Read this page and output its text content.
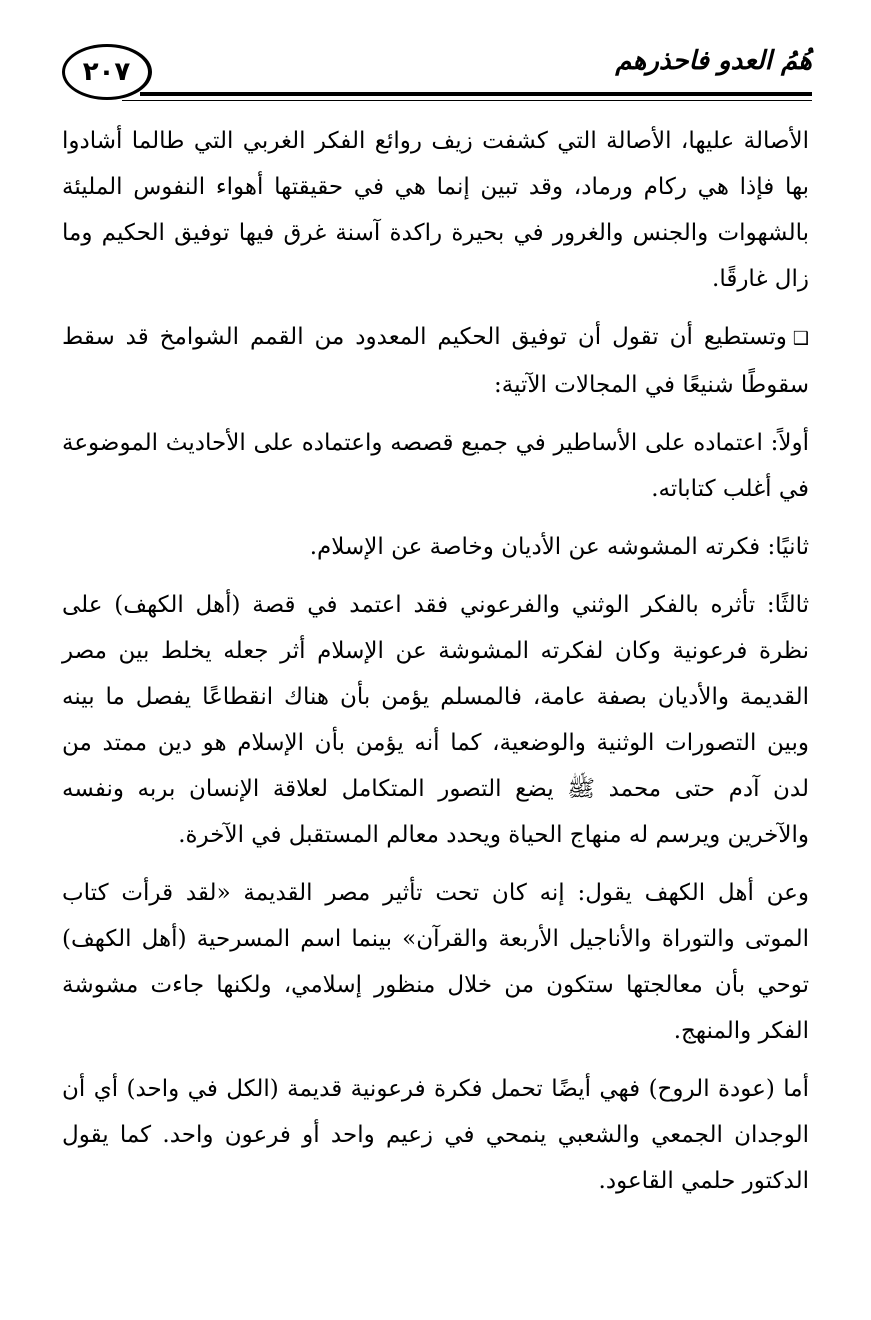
٢٠٧	هُمُ العدو فاحذرهم

الأصالة عليها، الأصالة التي كشفت زيف روائع الفكر الغربي التي طالما أشادوا بها فإذا هي ركام ورماد، وقد تبين إنما هي في حقيقتها أهواء النفوس المليئة بالشهوات والجنس والغرور في بحيرة راكدة آسنة غرق فيها توفيق الحكيم وما زال غارقًا.

❑وتستطيع أن تقول أن توفيق الحكيم المعدود من القمم الشوامخ قد سقط سقوطًا شنيعًا في المجالات الآتية:

أولاً: اعتماده على الأساطير في جميع قصصه واعتماده على الأحاديث الموضوعة في أغلب كتاباته.

ثانيًا: فكرته المشوشه عن الأديان وخاصة عن الإسلام.

ثالثًا: تأثره بالفكر الوثني والفرعوني فقد اعتمد في قصة (أهل الكهف) على نظرة فرعونية وكان لفكرته المشوشة عن الإسلام أثر جعله يخلط بين مصر القديمة والأديان بصفة عامة، فالمسلم يؤمن بأن هناك انقطاعًا يفصل ما بينه وبين التصورات الوثنية والوضعية، كما أنه يؤمن بأن الإسلام هو دين ممتد من لدن آدم حتى محمد ﷺ يضع التصور المتكامل لعلاقة الإنسان بربه ونفسه والآخرين ويرسم له منهاج الحياة ويحدد معالم المستقبل في الآخرة.

وعن أهل الكهف يقول: إنه كان تحت تأثير مصر القديمة «لقد قرأت كتاب الموتى والتوراة والأناجيل الأربعة والقرآن» بينما اسم المسرحية (أهل الكهف) توحي بأن معالجتها ستكون من خلال منظور إسلامي، ولكنها جاءت مشوشة الفكر والمنهج.

أما (عودة الروح) فهي أيضًا تحمل فكرة فرعونية قديمة (الكل في واحد) أي أن الوجدان الجمعي والشعبي ينمحي في زعيم واحد أو فرعون واحد. كما يقول الدكتور حلمي القاعود.
